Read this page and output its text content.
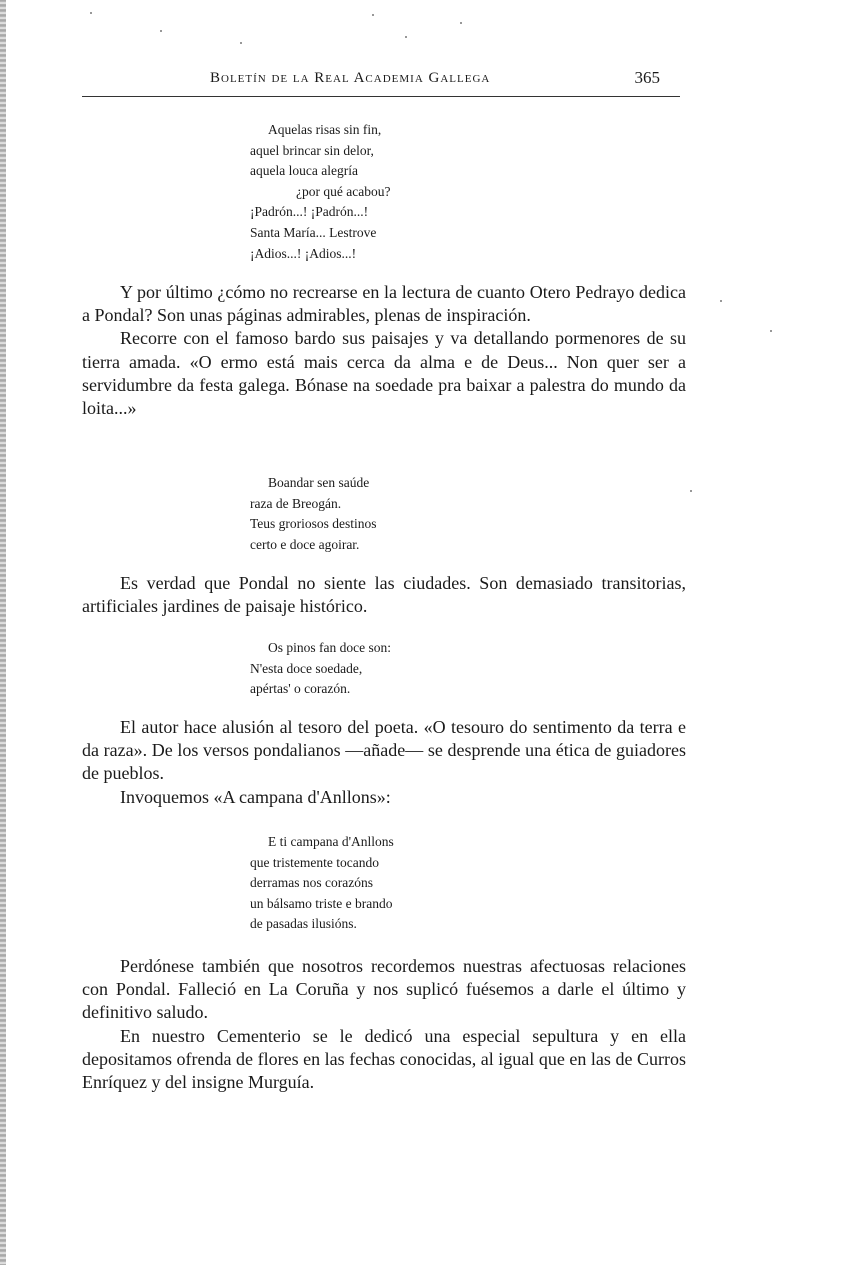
Boletín de la Real Academia Gallega	365
Aquelas risas sin fin,
aquel brincar sin delor,
aquela louca alegría
¿por qué acabou?
¡Padrón...! ¡Padrón...!
Santa María... Lestrove
¡Adios...! ¡Adios...!

Y por último ¿cómo no recrearse en la lectura de cuanto Otero Pedrayo dedica a Pondal? Son unas páginas admirables, plenas de inspiración.

Recorre con el famoso bardo sus paisajes y va detallando pormenores de su tierra amada. «O ermo está mais cerca da alma e de Deus... Non quer ser a servidumbre da festa galega. Bónase na soedade pra baixar a palestra do mundo da loita...»

Boandar sen saúde
raza de Breogán.
Teus groriosos destinos
certo e doce agoirar.

Es verdad que Pondal no siente las ciudades. Son demasiado transitorias, artificiales jardines de paisaje histórico.

Os pinos fan doce son:
N'esta doce soedade,
apértas' o corazón.

El autor hace alusión al tesoro del poeta. «O tesouro do sentimento da terra e da raza». De los versos pondalianos —añade— se desprende una ética de guiadores de pueblos.

Invoquemos «A campana d'Anllons»:

E ti campana d'Anllons
que tristemente tocando
derramas nos corazóns
un bálsamo triste e brando
de pasadas ilusións.

Perdónese también que nosotros recordemos nuestras afectuosas relaciones con Pondal. Falleció en La Coruña y nos suplicó fuésemos a darle el último y definitivo saludo.

En nuestro Cementerio se le dedicó una especial sepultura y en ella depositamos ofrenda de flores en las fechas conocidas, al igual que en las de Curros Enríquez y del insigne Murguía.
